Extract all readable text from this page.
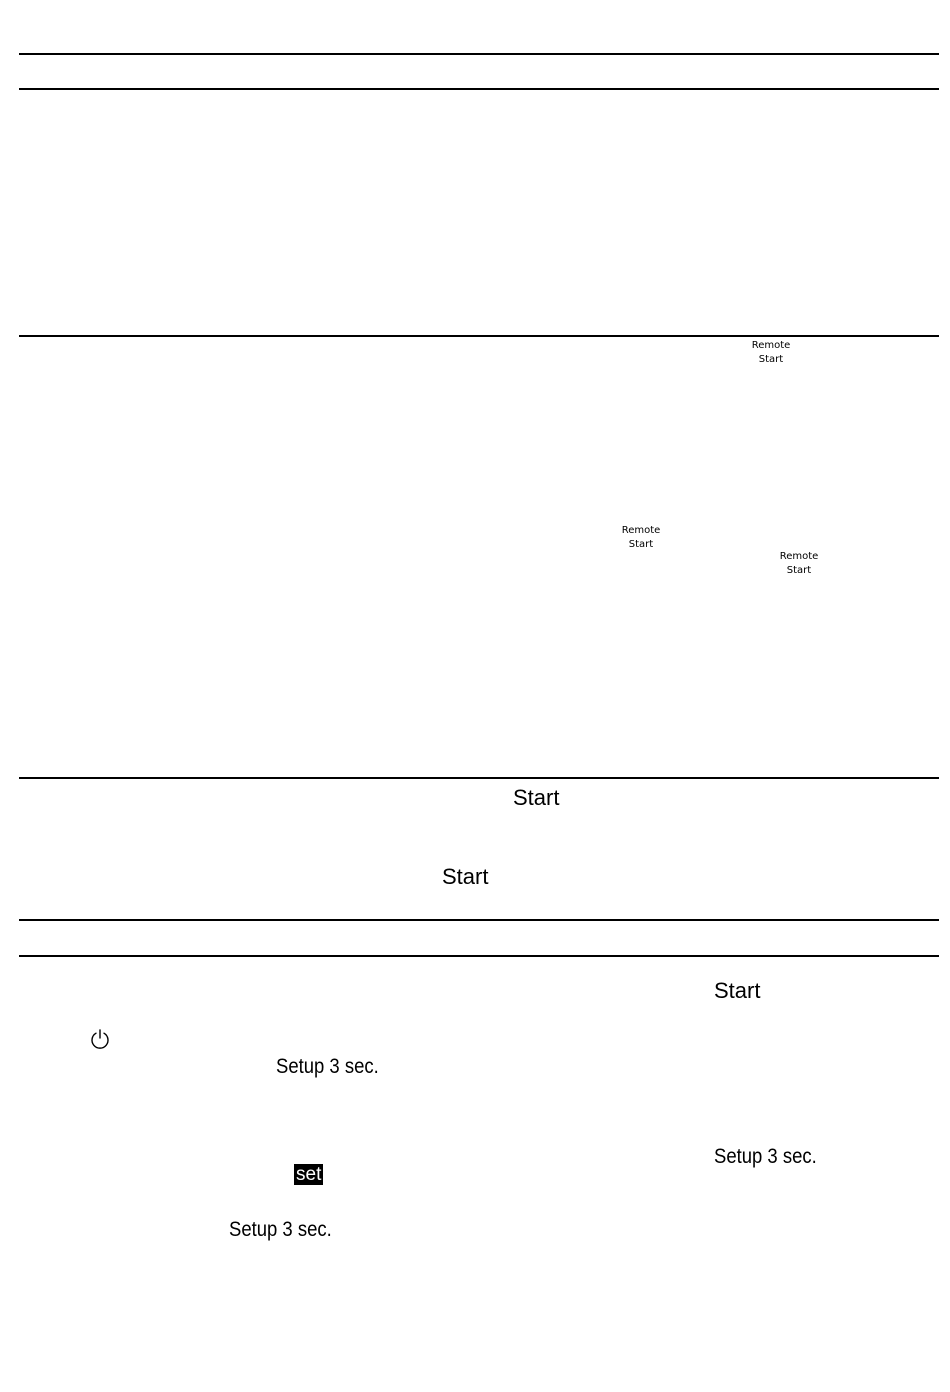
Remote
Start
Remote
Start
Remote
Start
Start
Start
Start
Setup 3 sec.
Setup 3 sec.
Setup 3 sec.
set
